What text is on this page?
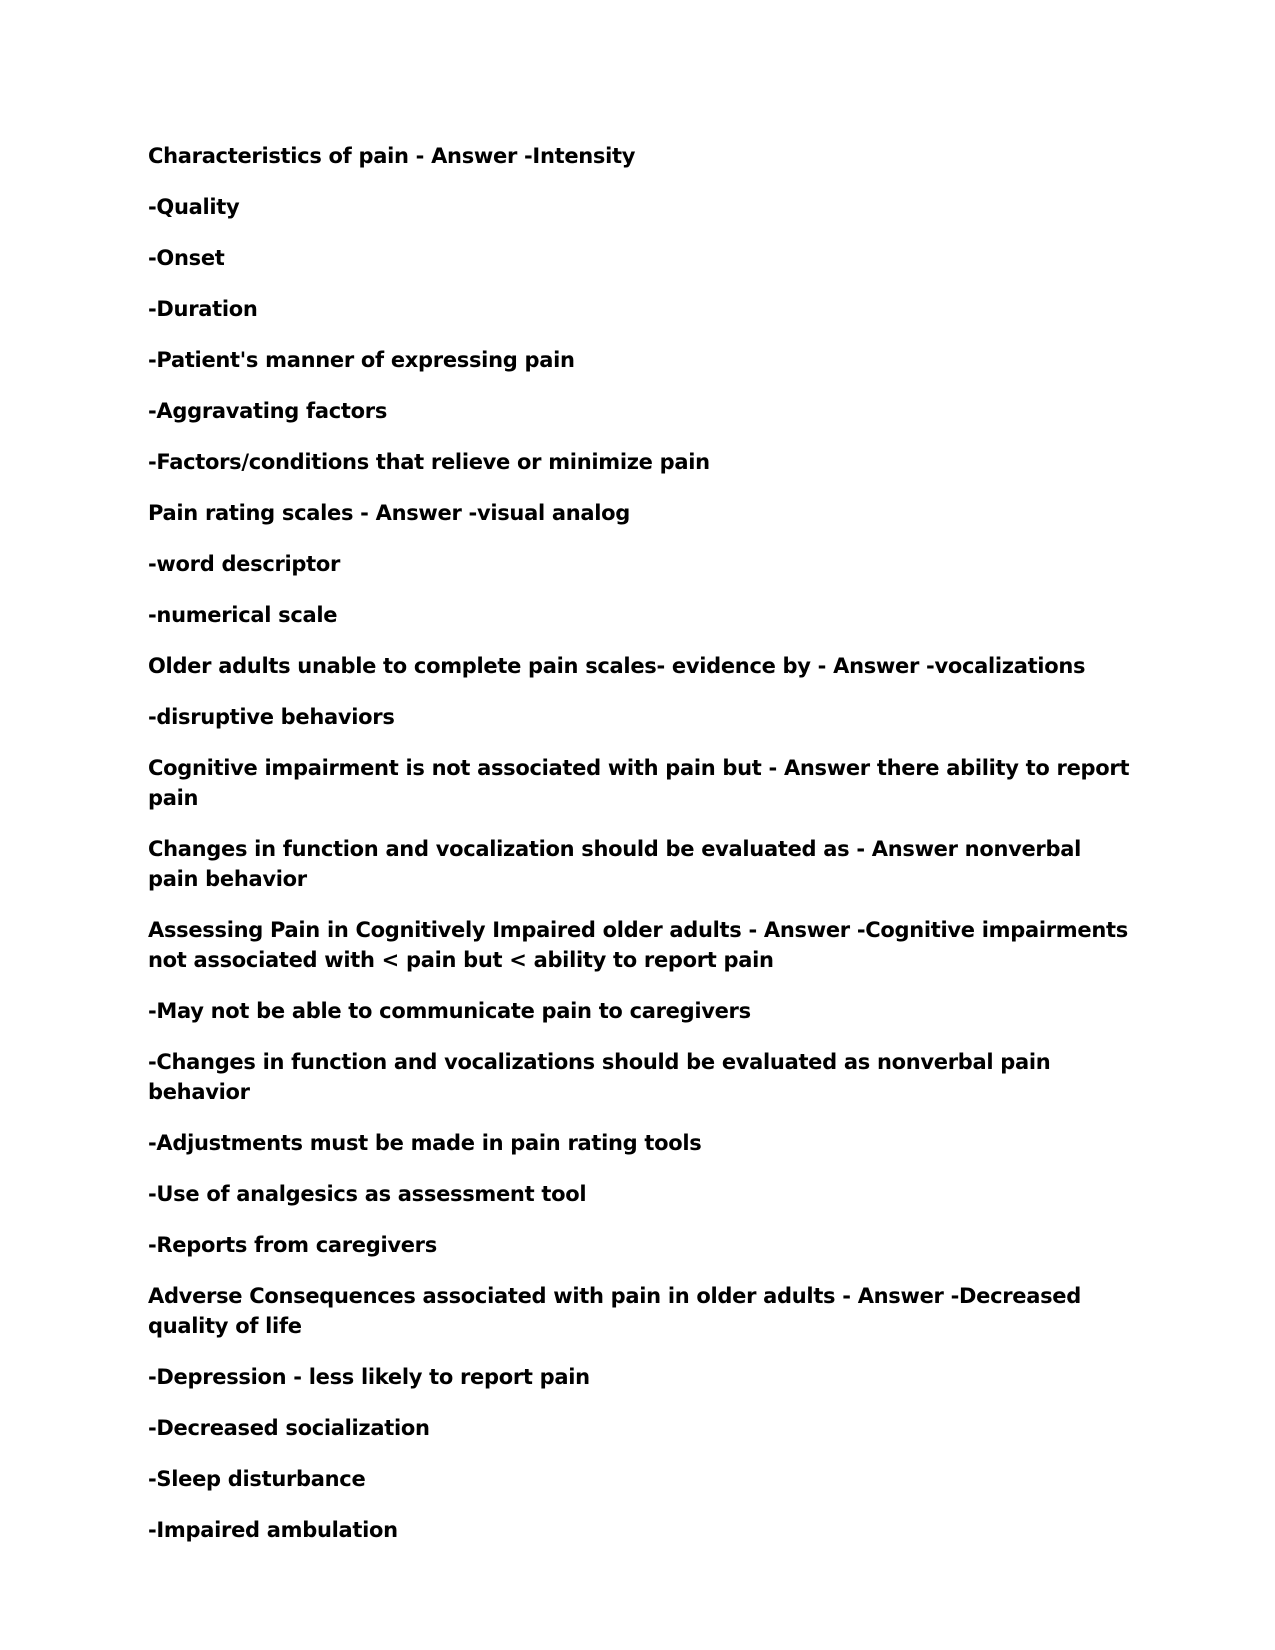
Characteristics of pain - Answer -Intensity

-Quality

-Onset

-Duration

-Patient's manner of expressing pain

-Aggravating factors

-Factors/conditions that relieve or minimize pain

Pain rating scales - Answer -visual analog

-word descriptor

-numerical scale

Older adults unable to complete pain scales- evidence by - Answer -vocalizations

-disruptive behaviors

Cognitive impairment is not associated with pain but - Answer there ability to report pain

Changes in function and vocalization should be evaluated as - Answer nonverbal pain behavior

Assessing Pain in Cognitively Impaired older adults - Answer -Cognitive impairments not associated with < pain but < ability to report pain

-May not be able to communicate pain to caregivers

-Changes in function and vocalizations should be evaluated as nonverbal pain behavior

-Adjustments must be made in pain rating tools

-Use of analgesics as assessment tool

-Reports from caregivers

Adverse Consequences associated with pain in older adults - Answer -Decreased quality of life

-Depression - less likely to report pain

-Decreased socialization

-Sleep disturbance

-Impaired ambulation
